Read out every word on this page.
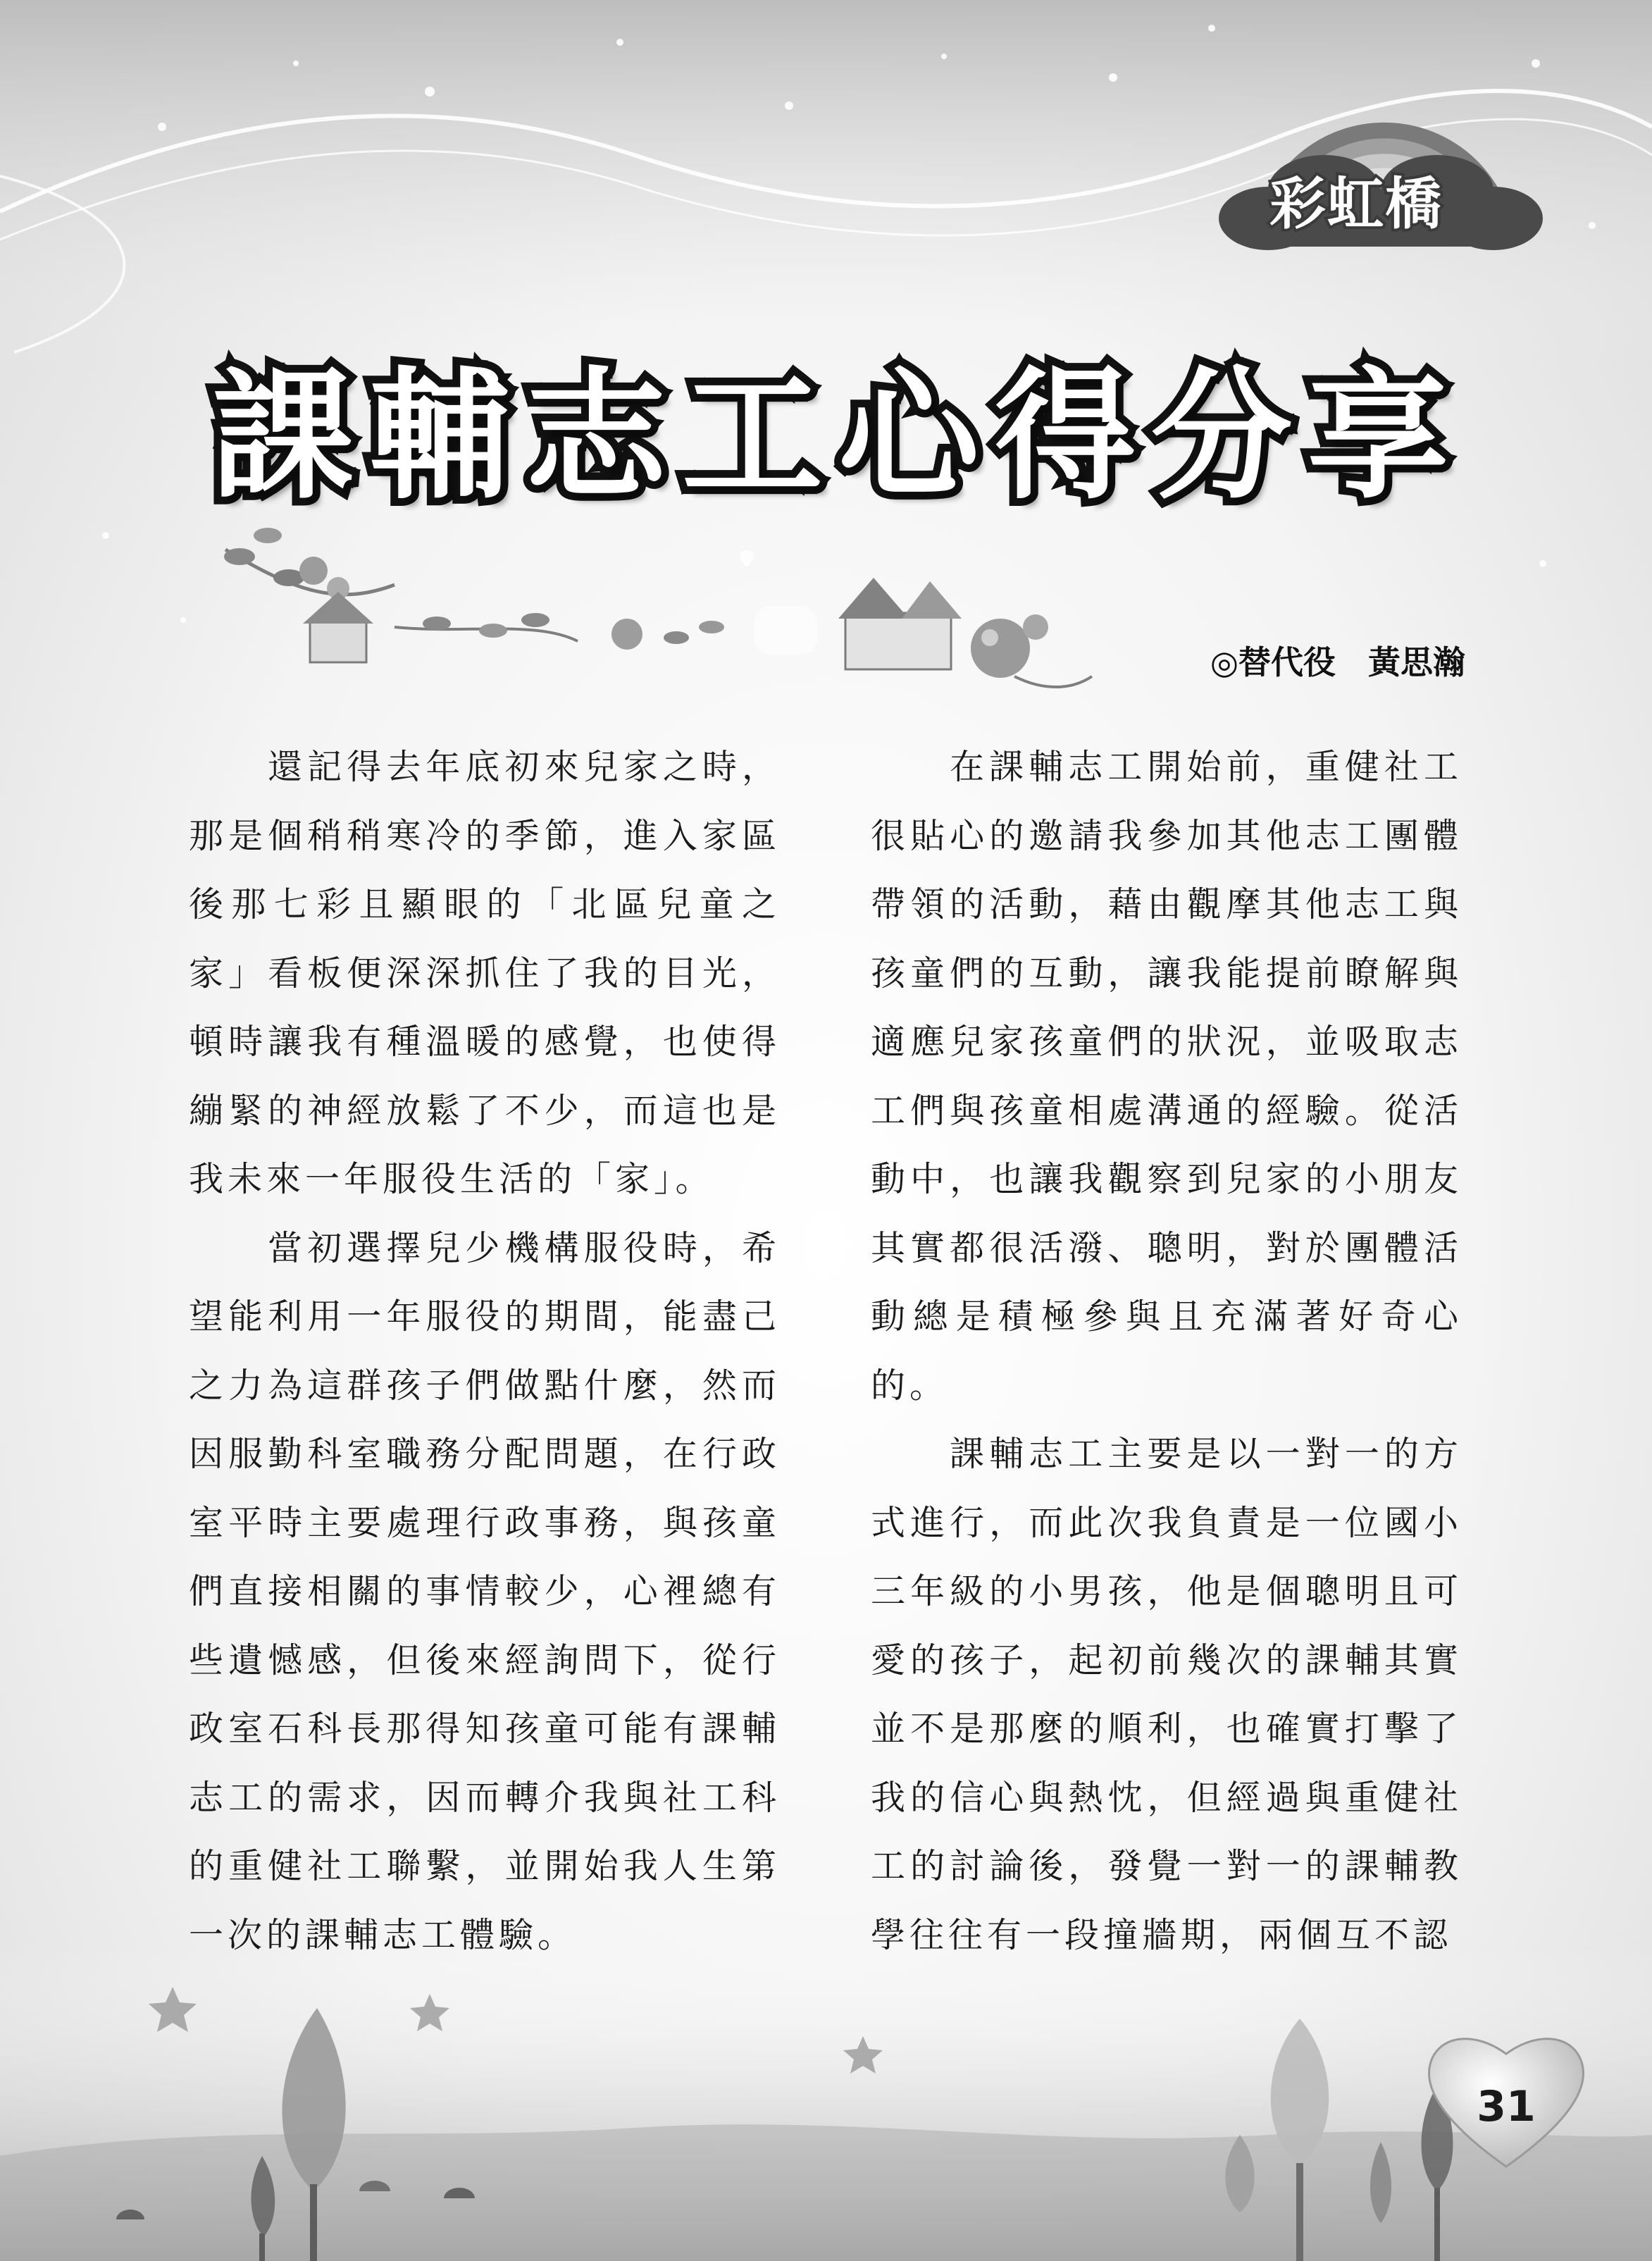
彩虹橋
課輔志工心得分享
◎替代役　黃思瀚

還記得去年底初來兒家之時，那是個稍稍寒冷的季節，進入家區後那七彩且顯眼的「北區兒童之家」看板便深深抓住了我的目光，頓時讓我有種溫暖的感覺，也使得繃緊的神經放鬆了不少，而這也是我未來一年服役生活的「家」。

當初選擇兒少機構服役時，希望能利用一年服役的期間，能盡己之力為這群孩子們做點什麼，然而因服勤科室職務分配問題，在行政室平時主要處理行政事務，與孩童們直接相關的事情較少，心裡總有些遺憾感，但後來經詢問下，從行政室石科長那得知孩童可能有課輔志工的需求，因而轉介我與社工科的重健社工聯繫，並開始我人生第一次的課輔志工體驗。

在課輔志工開始前，重健社工很貼心的邀請我參加其他志工團體帶領的活動，藉由觀摩其他志工與孩童們的互動，讓我能提前瞭解與適應兒家孩童們的狀況，並吸取志工們與孩童相處溝通的經驗。從活動中，也讓我觀察到兒家的小朋友其實都很活潑、聰明，對於團體活動總是積極參與且充滿著好奇心的。

課輔志工主要是以一對一的方式進行，而此次我負責是一位國小三年級的小男孩，他是個聰明且可愛的孩子，起初前幾次的課輔其實並不是那麼的順利，也確實打擊了我的信心與熱忱，但經過與重健社工的討論後，發覺一對一的課輔教學往往有一段撞牆期，兩個互不認

31
